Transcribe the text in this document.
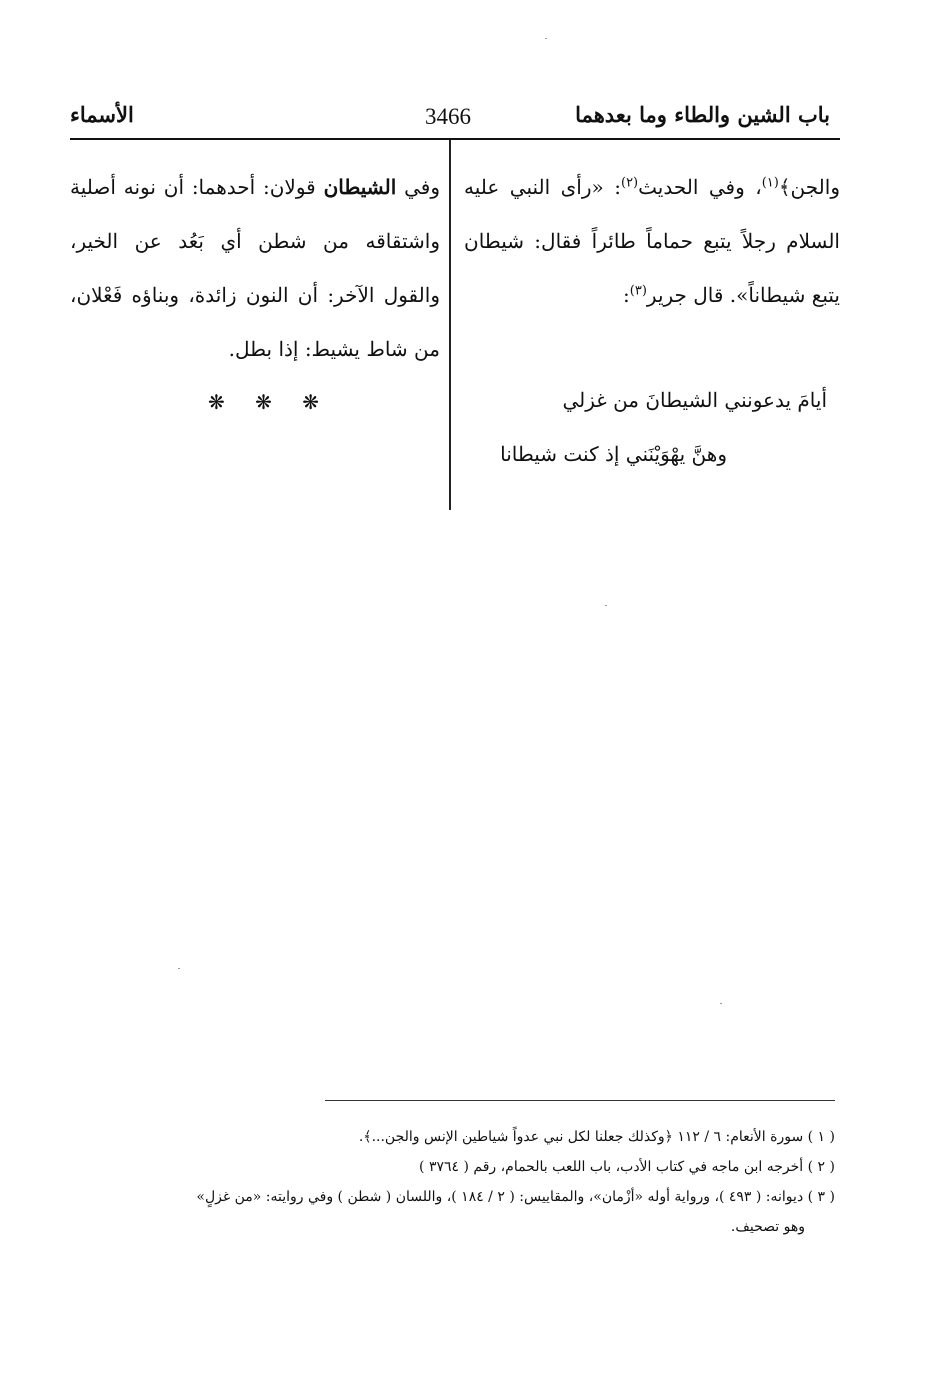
باب الشين والطاء وما بعدهما
3466
الأسماء

والجن﴾$^{(١)}$، وفي الحديث$^{(٢)}$: «رأى النبي عليه السلام رجلاً يتبع حماماً طائراً فقال: شيطان يتبع شيطاناً». قال جرير$^{(٣)}$:

أيامَ يدعونني الشيطانَ من غزلي
وهنَّ يهْوَيْنَني إذ كنت شيطانا

وفي الشيطان قولان: أحدهما: أن نونه أصلية واشتقاقه من شطن أي بَعُد عن الخير، والقول الآخر: أن النون زائدة، وبناؤه فَعْلان، من شاط يشيط: إذا بطل.

❋ ❋ ❋

( ١ ) سورة الأنعام: ٦ / ١١٢ ﴿وكذلك جعلنا لكل نبي عدواً شياطين الإنس والجن...﴾.

( ٢ ) أخرجه ابن ماجه في كتاب الأدب، باب اللعب بالحمام، رقم ( ٣٧٦٤ )

( ٣ ) ديوانه: ( ٤٩٣ )، ورواية أوله «أزْمان»، والمقاييس: ( ٢ / ١٨٤ )، واللسان ( شطن ) وفي روايته: «من غزلٍ»

وهو تصحيف.
